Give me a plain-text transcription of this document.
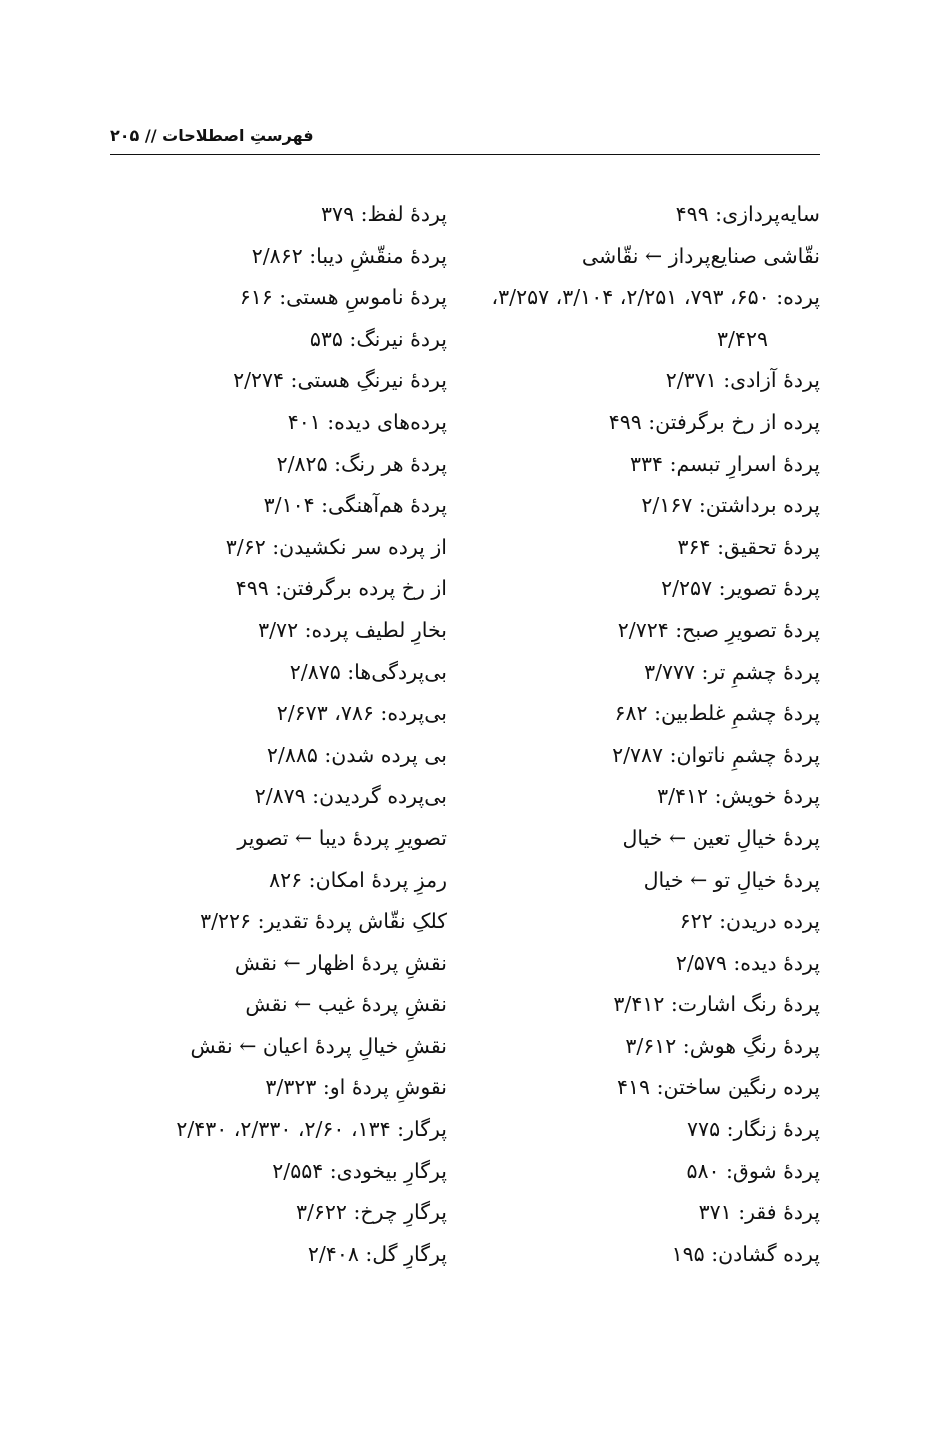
فهرستِ اصطلاحات // ۲۰۵
سایه‌پردازی: ۴۹۹
نقّاشی صنایع‌پرداز ← نقّاشی
پرده: ۶۵۰، ۷۹۳، ۲/۲۵۱، ۳/۱۰۴، ۳/۲۵۷،
۳/۴۲۹
پردهٔ آزادی: ۲/۳۷۱
پرده از رخ برگرفتن: ۴۹۹
پردهٔ اسرارِ تبسم: ۳۳۴
پرده برداشتن: ۲/۱۶۷
پردهٔ تحقیق: ۳۶۴
پردهٔ تصویر: ۲/۲۵۷
پردهٔ تصویرِ صبح: ۲/۷۲۴
پردهٔ چشمِ تر: ۳/۷۷۷
پردهٔ چشمِ غلط‌بین: ۶۸۲
پردهٔ چشمِ ناتوان: ۲/۷۸۷
پردهٔ خویش: ۳/۴۱۲
پردهٔ خیالِ تعین ← خیال
پردهٔ خیالِ تو ← خیال
پرده دریدن: ۶۲۲
پردهٔ دیده: ۲/۵۷۹
پردهٔ رنگ اشارت: ۳/۴۱۲
پردهٔ رنگِ هوش: ۳/۶۱۲
پرده رنگین ساختن: ۴۱۹
پردهٔ زنگار: ۷۷۵
پردهٔ شوق: ۵۸۰
پردهٔ فقر: ۳۷۱
پرده گشادن: ۱۹۵
پردهٔ لفظ: ۳۷۹
پردهٔ منقّشِ دیبا: ۲/۸۶۲
پردهٔ ناموسِ هستی: ۶۱۶
پردهٔ نیرنگ: ۵۳۵
پردهٔ نیرنگِ هستی: ۲/۲۷۴
پرده‌های دیده: ۴۰۱
پردهٔ هر رنگ: ۲/۸۲۵
پردهٔ هم‌آهنگی: ۳/۱۰۴
از پرده سر نکشیدن: ۳/۶۲
از رخ پرده برگرفتن: ۴۹۹
بخارِ لطیف پرده: ۳/۷۲
بی‌پردگی‌ها: ۲/۸۷۵
بی‌پرده: ۷۸۶، ۲/۶۷۳
بی پرده شدن: ۲/۸۸۵
بی‌پرده گردیدن: ۲/۸۷۹
تصویرِ پردهٔ دیبا ← تصویر
رمزِ پردهٔ امکان: ۸۲۶
کلکِ نقّاش پردهٔ تقدیر: ۳/۲۲۶
نقشِ پردهٔ اظهار ← نقش
نقشِ پردهٔ غیب ← نقش
نقشِ خیالِ پردهٔ اعیان ← نقش
نقوشِ پردهٔ او: ۳/۳۲۳
پرگار: ۱۳۴، ۲/۶۰، ۲/۳۳۰، ۲/۴۳۰
پرگارِ بیخودی: ۲/۵۵۴
پرگارِ چرخ: ۳/۶۲۲
پرگارِ گل: ۲/۴۰۸
